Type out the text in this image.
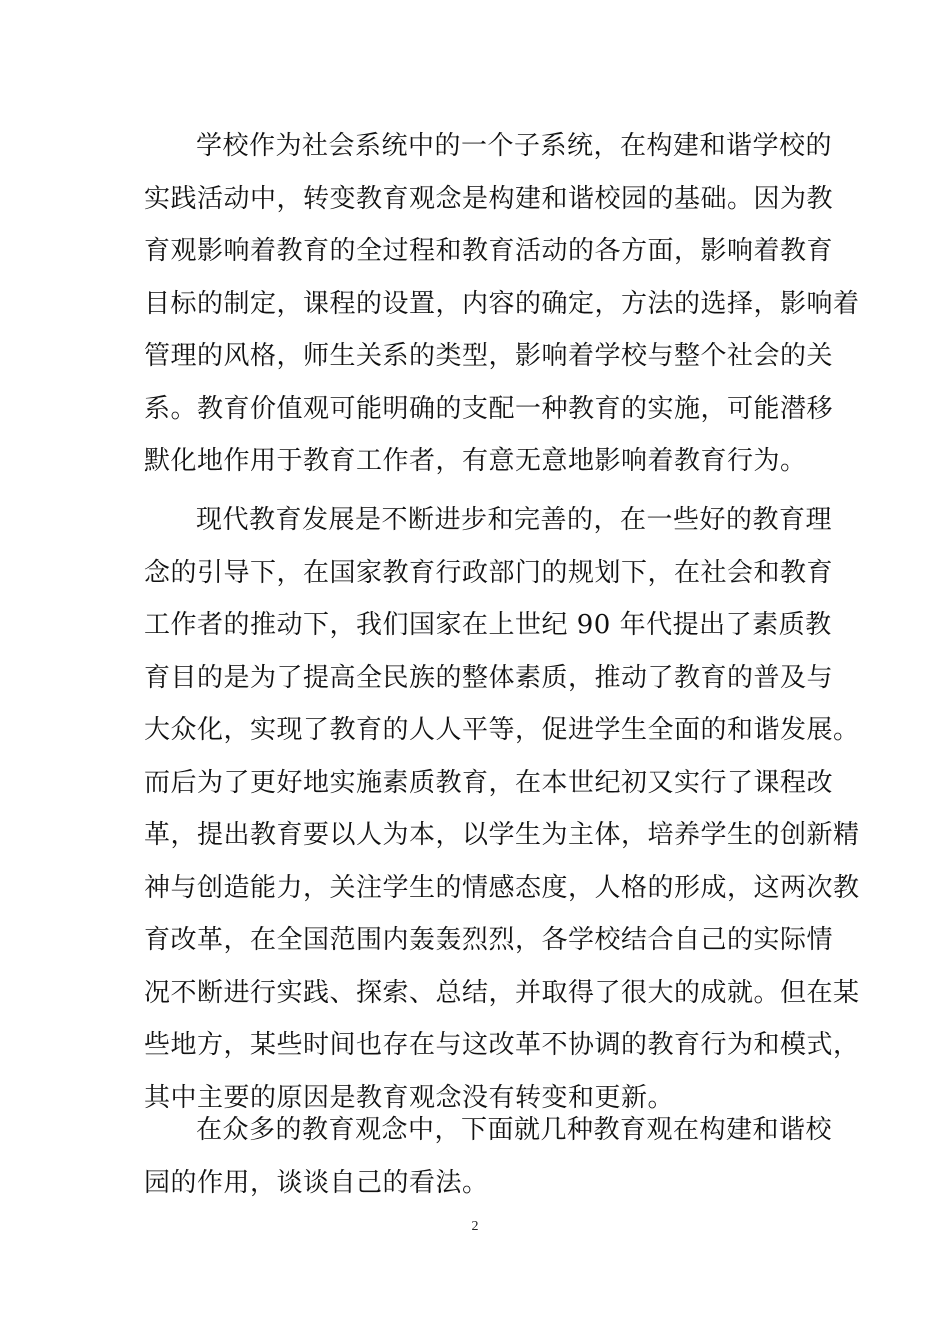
学校作为社会系统中的一个子系统，在构建和谐学校的
实践活动中，转变教育观念是构建和谐校园的基础。因为教
育观影响着教育的全过程和教育活动的各方面，影响着教育
目标的制定，课程的设置，内容的确定，方法的选择，影响着
管理的风格，师生关系的类型，影响着学校与整个社会的关
系。教育价值观可能明确的支配一种教育的实施，可能潜移
默化地作用于教育工作者，有意无意地影响着教育行为。
现代教育发展是不断进步和完善的，在一些好的教育理
念的引导下，在国家教育行政部门的规划下，在社会和教育
工作者的推动下，我们国家在上世纪 90 年代提出了素质教
育目的是为了提高全民族的整体素质，推动了教育的普及与
大众化，实现了教育的人人平等，促进学生全面的和谐发展。
而后为了更好地实施素质教育，在本世纪初又实行了课程改
革，提出教育要以人为本，以学生为主体，培养学生的创新精
神与创造能力，关注学生的情感态度，人格的形成，这两次教
育改革，在全国范围内轰轰烈烈，各学校结合自己的实际情
况不断进行实践、探索、总结，并取得了很大的成就。但在某
些地方，某些时间也存在与这改革不协调的教育行为和模式，
其中主要的原因是教育观念没有转变和更新。
在众多的教育观念中，下面就几种教育观在构建和谐校
园的作用，谈谈自己的看法。
2
